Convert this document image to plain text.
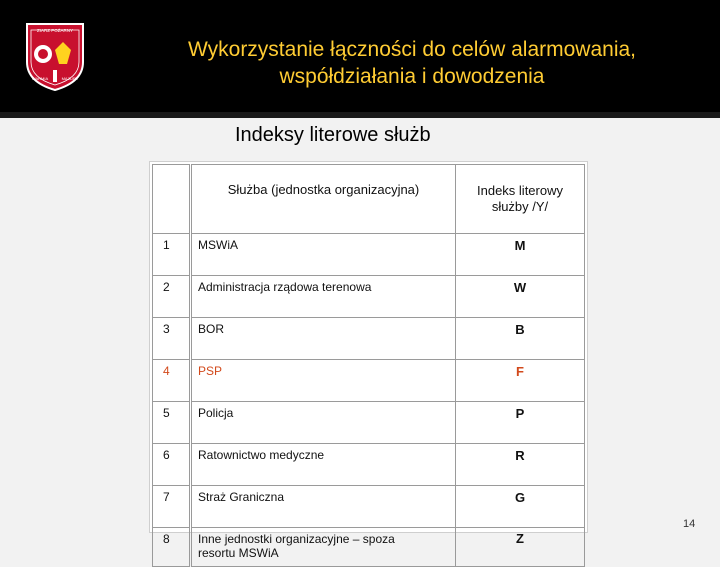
ZIARZ POŻARNY
WARMIA	MAZURY
Wykorzystanie łączności do celów alarmowania,
współdziałania i dowodzenia
Indeksy literowe służb
	Służba (jednostka organizacyjna)	Indeks literowy
służby /Y/

1	MSWiA	M
2	Administracja rządowa terenowa	W
3	BOR	B
4	PSP	F
5	Policja	P
6	Ratownictwo medyczne	R
7	Straż Graniczna	G
8	Inne jednostki organizacyjne – spoza
resortu MSWiA	Z
14
